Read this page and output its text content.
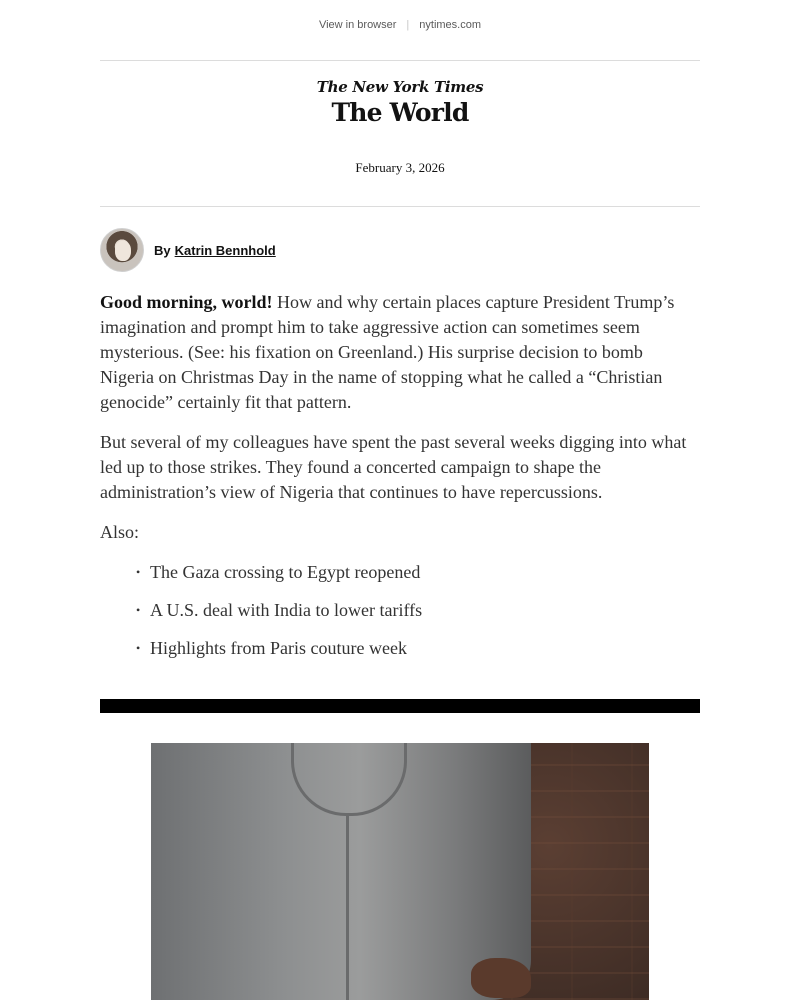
View in browser | nytimes.com
The New York Times
The World
February 3, 2026
By Katrin Bennhold

Good morning, world! How and why certain places capture President Trump’s imagination and prompt him to take aggressive action can sometimes seem mysterious. (See: his fixation on Greenland.) His surprise decision to bomb Nigeria on Christmas Day in the name of stopping what he called a “Christian genocide” certainly fit that pattern.

But several of my colleagues have spent the past several weeks digging into what led up to those strikes. They found a concerted campaign to shape the administration’s view of Nigeria that continues to have repercussions.

Also:

• The Gaza crossing to Egypt reopened
• A U.S. deal with India to lower tariffs
• Highlights from Paris couture week
